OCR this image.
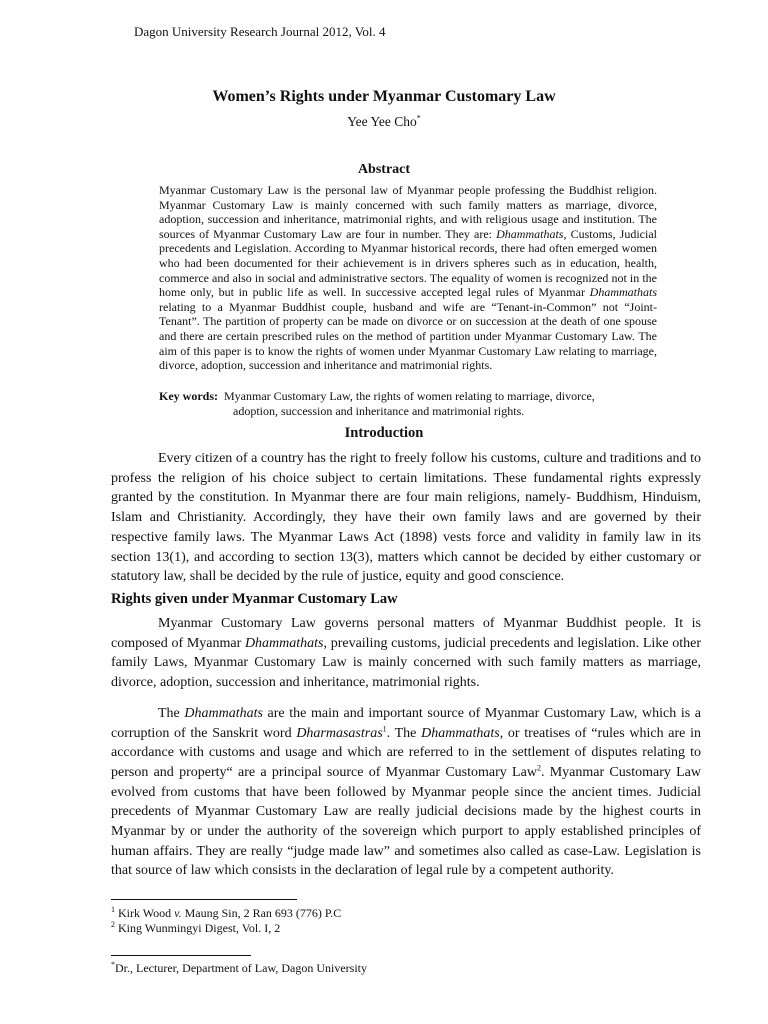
Dagon University Research Journal 2012, Vol. 4
Women’s Rights under Myanmar Customary Law
Yee Yee Cho*
Abstract

Myanmar Customary Law is the personal law of Myanmar people professing the Buddhist religion. Myanmar Customary Law is mainly concerned with such family matters as marriage, divorce, adoption, succession and inheritance, matrimonial rights, and with religious usage and institution. The sources of Myanmar Customary Law are four in number. They are: Dhammathats, Customs, Judicial precedents and Legislation. According to Myanmar historical records, there had often emerged women who had been documented for their achievement is in drivers spheres such as in education, health, commerce and also in social and administrative sectors. The equality of women is recognized not in the home only, but in public life as well. In successive accepted legal rules of Myanmar Dhammathats relating to a Myanmar Buddhist couple, husband and wife are “Tenant-in-Common” not “Joint-Tenant”. The partition of property can be made on divorce or on succession at the death of one spouse and there are certain prescribed rules on the method of partition under Myanmar Customary Law. The aim of this paper is to know the rights of women under Myanmar Customary Law relating to marriage, divorce, adoption, succession and inheritance and matrimonial rights.

Key words: Myanmar Customary Law, the rights of women relating to marriage, divorce,
adoption, succession and inheritance and matrimonial rights.
Introduction

Every citizen of a country has the right to freely follow his customs, culture and traditions and to profess the religion of his choice subject to certain limitations. These fundamental rights expressly granted by the constitution. In Myanmar there are four main religions, namely- Buddhism, Hinduism, Islam and Christianity. Accordingly, they have their own family laws and are governed by their respective family laws. The Myanmar Laws Act (1898) vests force and validity in family law in its section 13(1), and according to section 13(3), matters which cannot be decided by either customary or statutory law, shall be decided by the rule of justice, equity and good conscience.

Rights given under Myanmar Customary Law

Myanmar Customary Law governs personal matters of Myanmar Buddhist people. It is composed of Myanmar Dhammathats, prevailing customs, judicial precedents and legislation. Like other family Laws, Myanmar Customary Law is mainly concerned with such family matters as marriage, divorce, adoption, succession and inheritance, matrimonial rights.

The Dhammathats are the main and important source of Myanmar Customary Law, which is a corruption of the Sanskrit word Dharmasastras$^1$. The Dhammathats, or treatises of “rules which are in accordance with customs and usage and which are referred to in the settlement of disputes relating to person and property“ are a principal source of Myanmar Customary Law$^2$. Myanmar Customary Law evolved from customs that have been followed by Myanmar people since the ancient times. Judicial precedents of Myanmar Customary Law are really judicial decisions made by the highest courts in Myanmar by or under the authority of the sovereign which purport to apply established principles of human affairs. They are really “judge made law” and sometimes also called as case-Law. Legislation is that source of law which consists in the declaration of legal rule by a competent authority.

$^1$ Kirk Wood v. Maung Sin, 2 Ran 693 (776) P.C
$^2$ King Wunmingyi Digest, Vol. I, 2
*Dr., Lecturer, Department of Law, Dagon University
